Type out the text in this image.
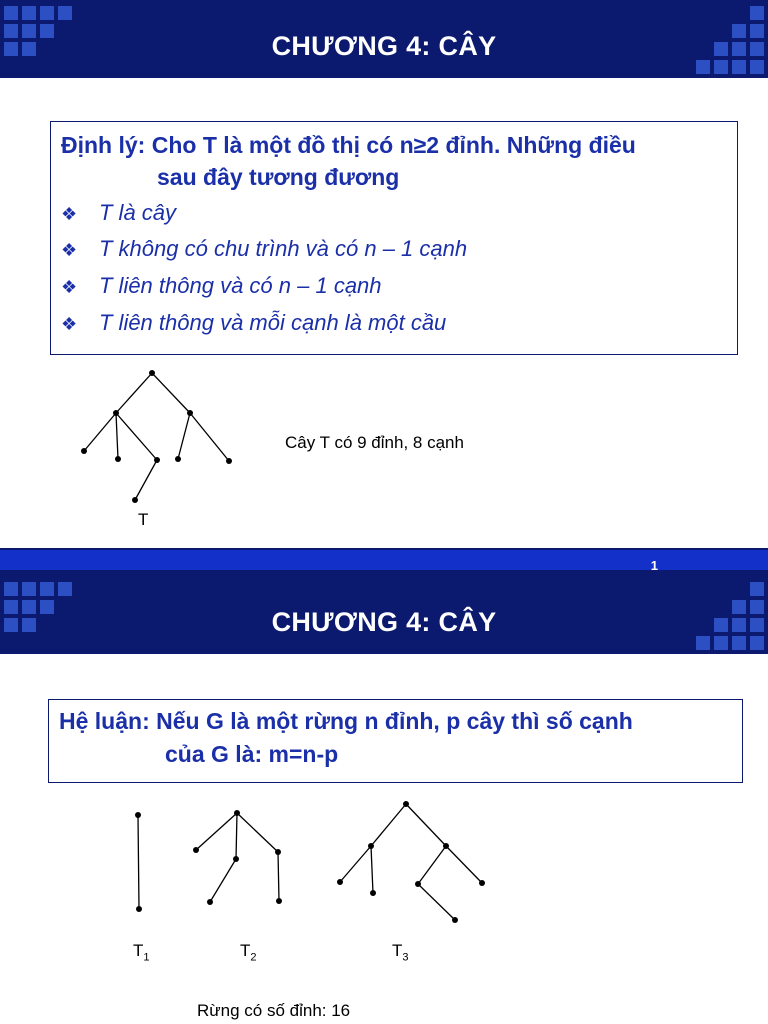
CHƯƠNG 4: CÂY
Định lý: Cho T là một đồ thị có n≥2 đỉnh. Những điều
sau đây tương đương
❖ T là cây
❖ T không có chu trình và có n – 1 cạnh
❖ T liên thông và có n – 1 cạnh
❖ T liên thông và mỗi cạnh là một cầu
T
Cây T có 9 đỉnh, 8 cạnh
1
CHƯƠNG 4: CÂY
Hệ luận: Nếu G là một rừng n đỉnh, p cây thì số cạnh
của G là: m=n-p
$T_1$	$T_2$	$T_3$
Rừng có số đỉnh: 16
